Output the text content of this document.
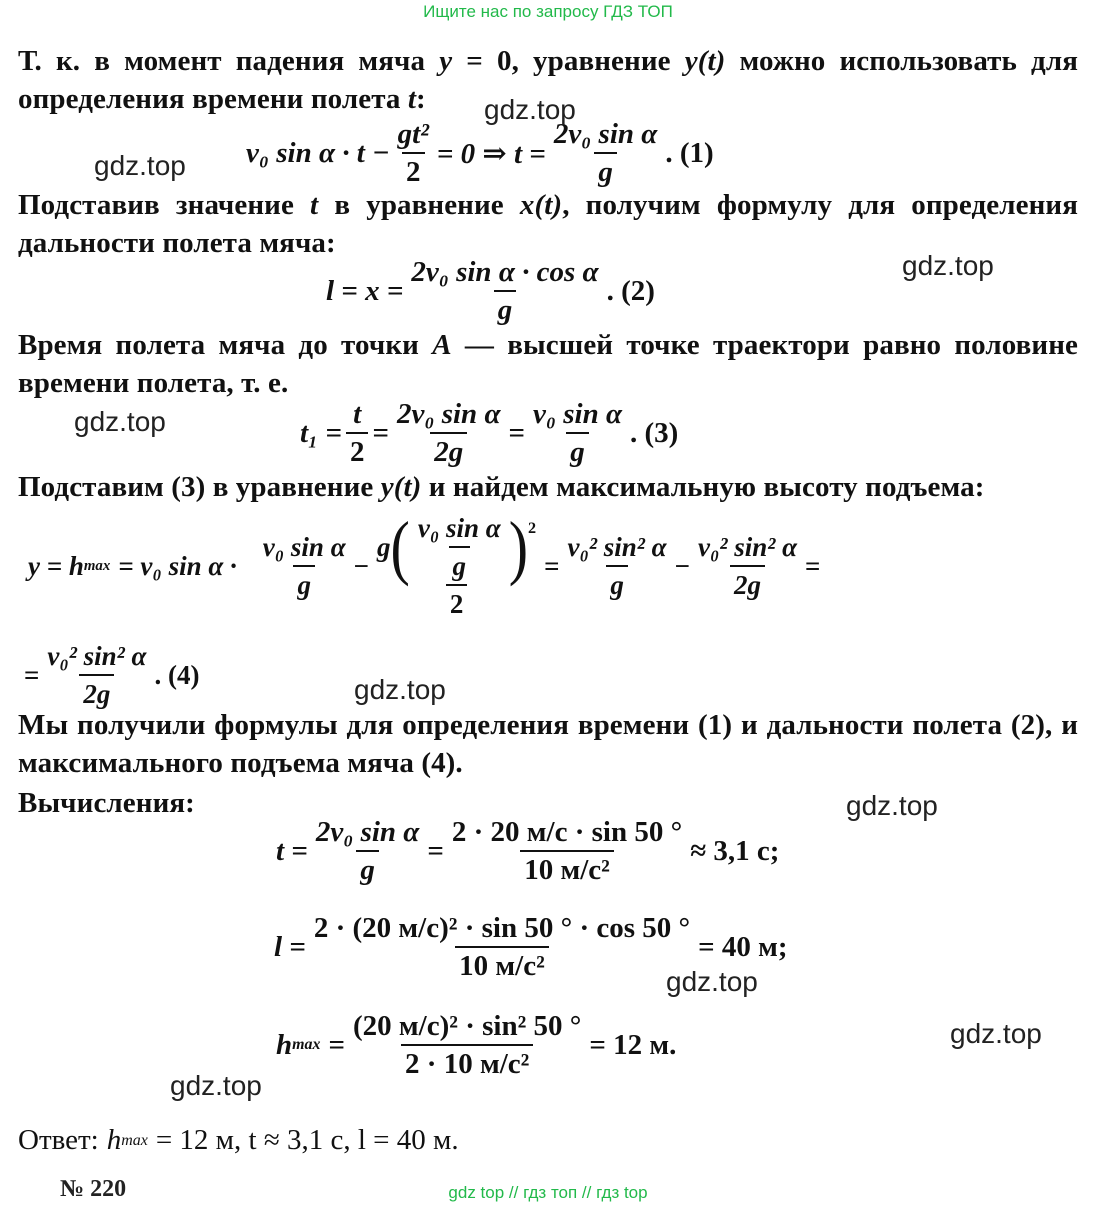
Ищите нас по запросу ГДЗ ТОП
Т. к. в момент падения мяча y = 0, уравнение y(t) можно использовать для определения времени полета t:
v₀ $\sin \alpha \cdot t - \frac{\text{gt²}}{2} = 0$ ⇒ $t = \frac{\text{2v₀ sin α}}{g}$ . (1)
Подставив значение t в уравнение x(t), получим формулу для определения дальности полета мяча:
$l = x = \frac{\text{2v₀ sin α · cos α}}{g}$ . (2)
Время полета мяча до точки A — высшей точке траектори равно половине времени полета, т. е.
$t_1 = \frac{t}{2} = \frac{\text{2v₀ sin α}}{2g} = \frac{\text{v₀ sin α}}{g}$ . (3)
Подставим (3) в уравнение y(t) и найдем максимальную высоту подъема:
y = h max = v₀ $\sin \alpha \cdot \frac{\text{v₀ sin α}}{g} - \frac{g ( \frac{\text{v₀ sin α}}{g} )^2}{2} = \frac{\text{v₀² sin² α}}{g} - \frac{\text{v₀² sin² α}}{2g}$ =
= $\frac{\text{v₀² sin² α}}{2g}$ . (4)
Мы получили формулы для определения времени (1) и дальности полета (2), и максимального подъема мяча (4).
Вычисления:
$t = \frac{\text{2v₀ sin α}}{g} = \frac{2 \cdot 20 м/с \cdot \sin 50 ^\circ}{\text{10 м/с²}} \approx 3,1$ с;
$l = \frac{\text{2 · (20 м/с)² · sin 50 ° · cos 50 °}}{\text{10 м/с²}} = 40$ м;
h $\max = \frac{\text{(20 м/с)² · sin² 50 °}}{\text{2 · 10 м/с²}} = 12$ м.
Ответ: h max = 12 м, t ≈ 3,1 с, l = 40 м.
№ 220
gdz.top
gdz.top
gdz.top
gdz.top
gdz.top
gdz.top
gdz.top
gdz.top
gdz.top
gdz top // гдз топ // гдз top
